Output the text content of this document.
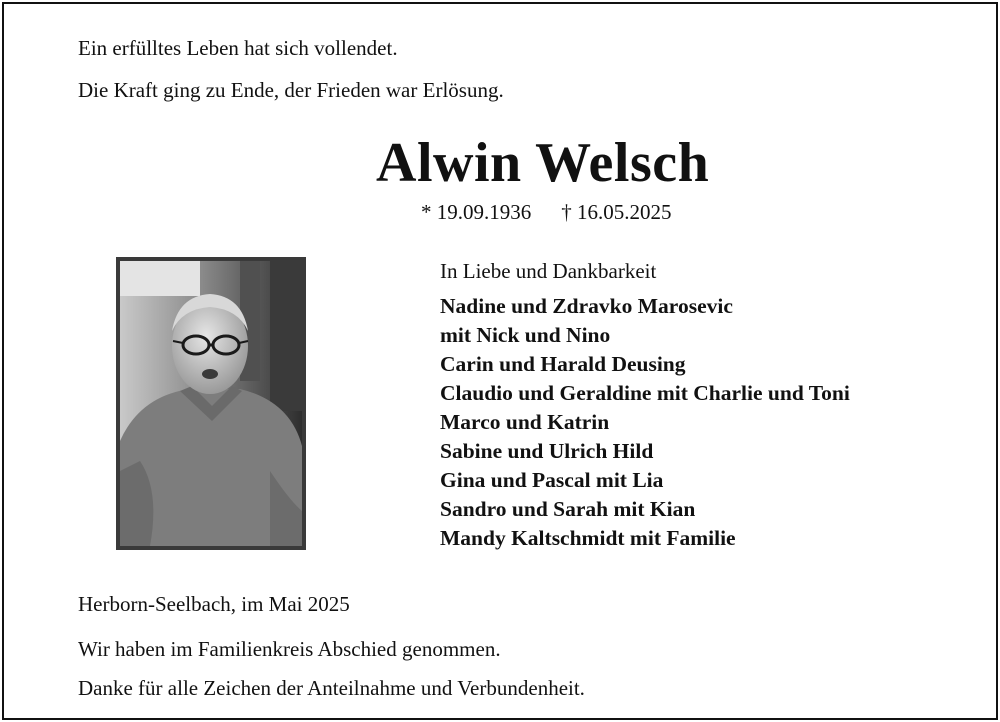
Ein erfülltes Leben hat sich vollendet.
Die Kraft ging zu Ende, der Frieden war Erlösung.
Alwin Welsch
* 19.09.1936 † 16.05.2025
In Liebe und Dankbarkeit
Nadine und Zdravko Marosevic
mit Nick und Nino
Carin und Harald Deusing
Claudio und Geraldine mit Charlie und Toni
Marco und Katrin
Sabine und Ulrich Hild
Gina und Pascal mit Lia
Sandro und Sarah mit Kian
Mandy Kaltschmidt mit Familie
Herborn-Seelbach, im Mai 2025
Wir haben im Familienkreis Abschied genommen.
Danke für alle Zeichen der Anteilnahme und Verbundenheit.
